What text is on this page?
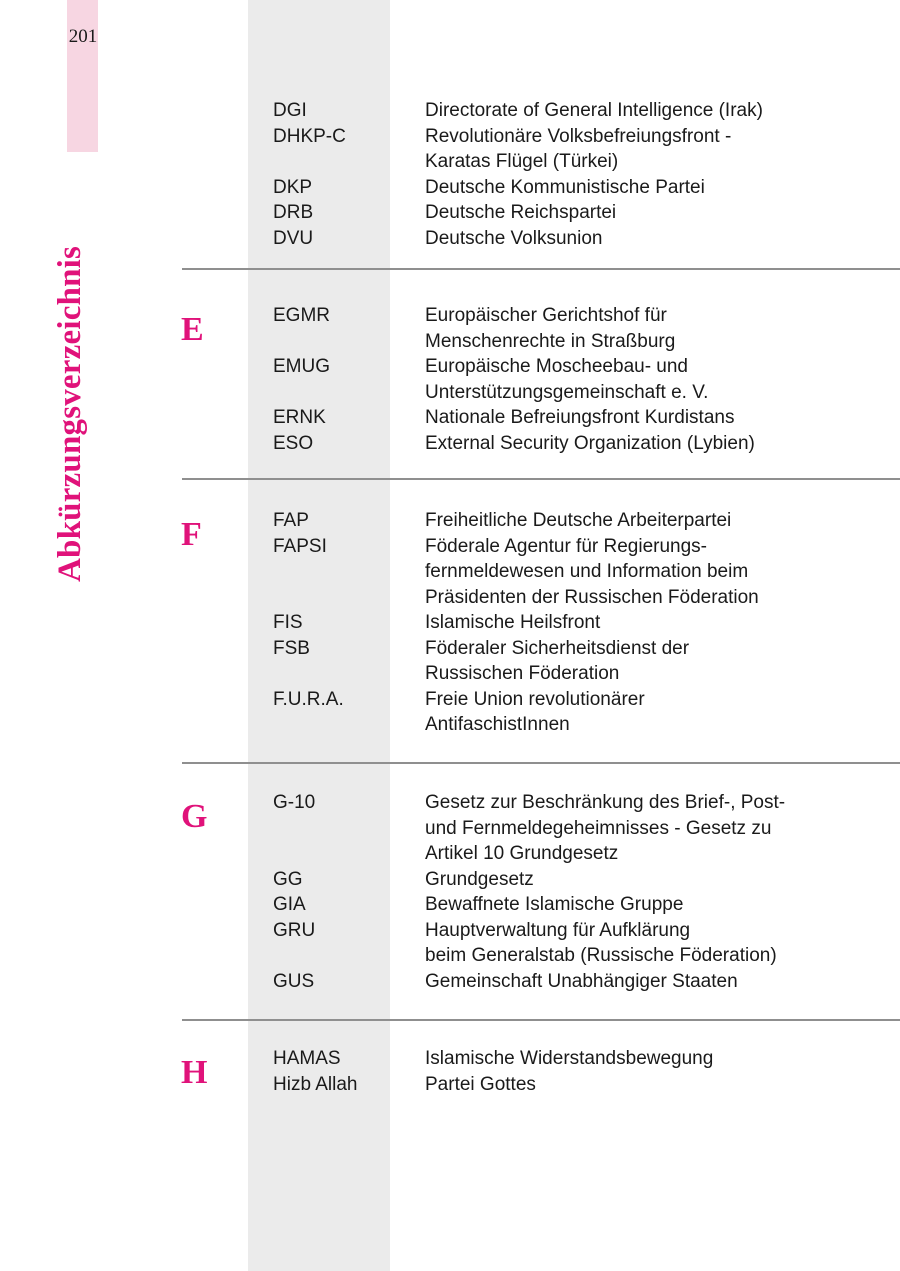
201
Abkürzungsverzeichnis
DGI	Directorate of General Intelligence (Irak)
DHKP-C	Revolutionäre Volksbefreiungsfront -
Karatas Flügel (Türkei)
DKP	Deutsche Kommunistische Partei
DRB	Deutsche Reichspartei
DVU	Deutsche Volksunion
E	EGMR	Europäischer Gerichtshof für
Menschenrechte in Straßburg
EMUG	Europäische Moscheebau- und
Unterstützungsgemeinschaft e. V.
ERNK	Nationale Befreiungsfront Kurdistans
ESO	External Security Organization (Lybien)
F	FAP	Freiheitliche Deutsche Arbeiterpartei
FAPSI	Föderale Agentur für Regierungs-
fernmeldewesen und Information beim
Präsidenten der Russischen Föderation
FIS	Islamische Heilsfront
FSB	Föderaler Sicherheitsdienst der
Russischen Föderation
F.U.R.A.	Freie Union revolutionärer
AntifaschistInnen
G	G-10	Gesetz zur Beschränkung des Brief-, Post-
und Fernmeldegeheimnisses - Gesetz zu
Artikel 10 Grundgesetz
GG	Grundgesetz
GIA	Bewaffnete Islamische Gruppe
GRU	Hauptverwaltung für Aufklärung
beim Generalstab (Russische Föderation)
GUS	Gemeinschaft Unabhängiger Staaten
H	HAMAS	Islamische Widerstandsbewegung
Hizb Allah	Partei Gottes
